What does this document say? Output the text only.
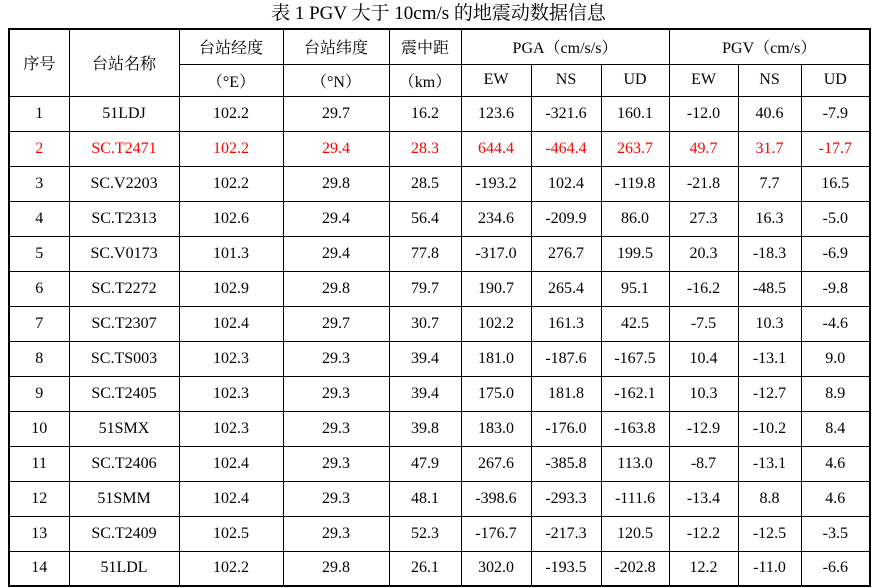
表 1 PGV 大于 10cm/s 的地震动数据信息
序号	台站名称	台站经度	台站纬度	震中距	PGA（cm/s/s）			PGV（cm/s）		
		（°E）	（°N）	（km）	EW	NS	UD	EW	NS	UD
1	51LDJ	102.2	29.7	16.2	123.6	-321.6	160.1	-12.0	40.6	-7.9
2	SC.T2471	102.2	29.4	28.3	644.4	-464.4	263.7	49.7	31.7	-17.7
3	SC.V2203	102.2	29.8	28.5	-193.2	102.4	-119.8	-21.8	7.7	16.5
4	SC.T2313	102.6	29.4	56.4	234.6	-209.9	86.0	27.3	16.3	-5.0
5	SC.V0173	101.3	29.4	77.8	-317.0	276.7	199.5	20.3	-18.3	-6.9
6	SC.T2272	102.9	29.8	79.7	190.7	265.4	95.1	-16.2	-48.5	-9.8
7	SC.T2307	102.4	29.7	30.7	102.2	161.3	42.5	-7.5	10.3	-4.6
8	SC.TS003	102.3	29.3	39.4	181.0	-187.6	-167.5	10.4	-13.1	9.0
9	SC.T2405	102.3	29.3	39.4	175.0	181.8	-162.1	10.3	-12.7	8.9
10	51SMX	102.3	29.3	39.8	183.0	-176.0	-163.8	-12.9	-10.2	8.4
11	SC.T2406	102.4	29.3	47.9	267.6	-385.8	113.0	-8.7	-13.1	4.6
12	51SMM	102.4	29.3	48.1	-398.6	-293.3	-111.6	-13.4	8.8	4.6
13	SC.T2409	102.5	29.3	52.3	-176.7	-217.3	120.5	-12.2	-12.5	-3.5
14	51LDL	102.2	29.8	26.1	302.0	-193.5	-202.8	12.2	-11.0	-6.6
